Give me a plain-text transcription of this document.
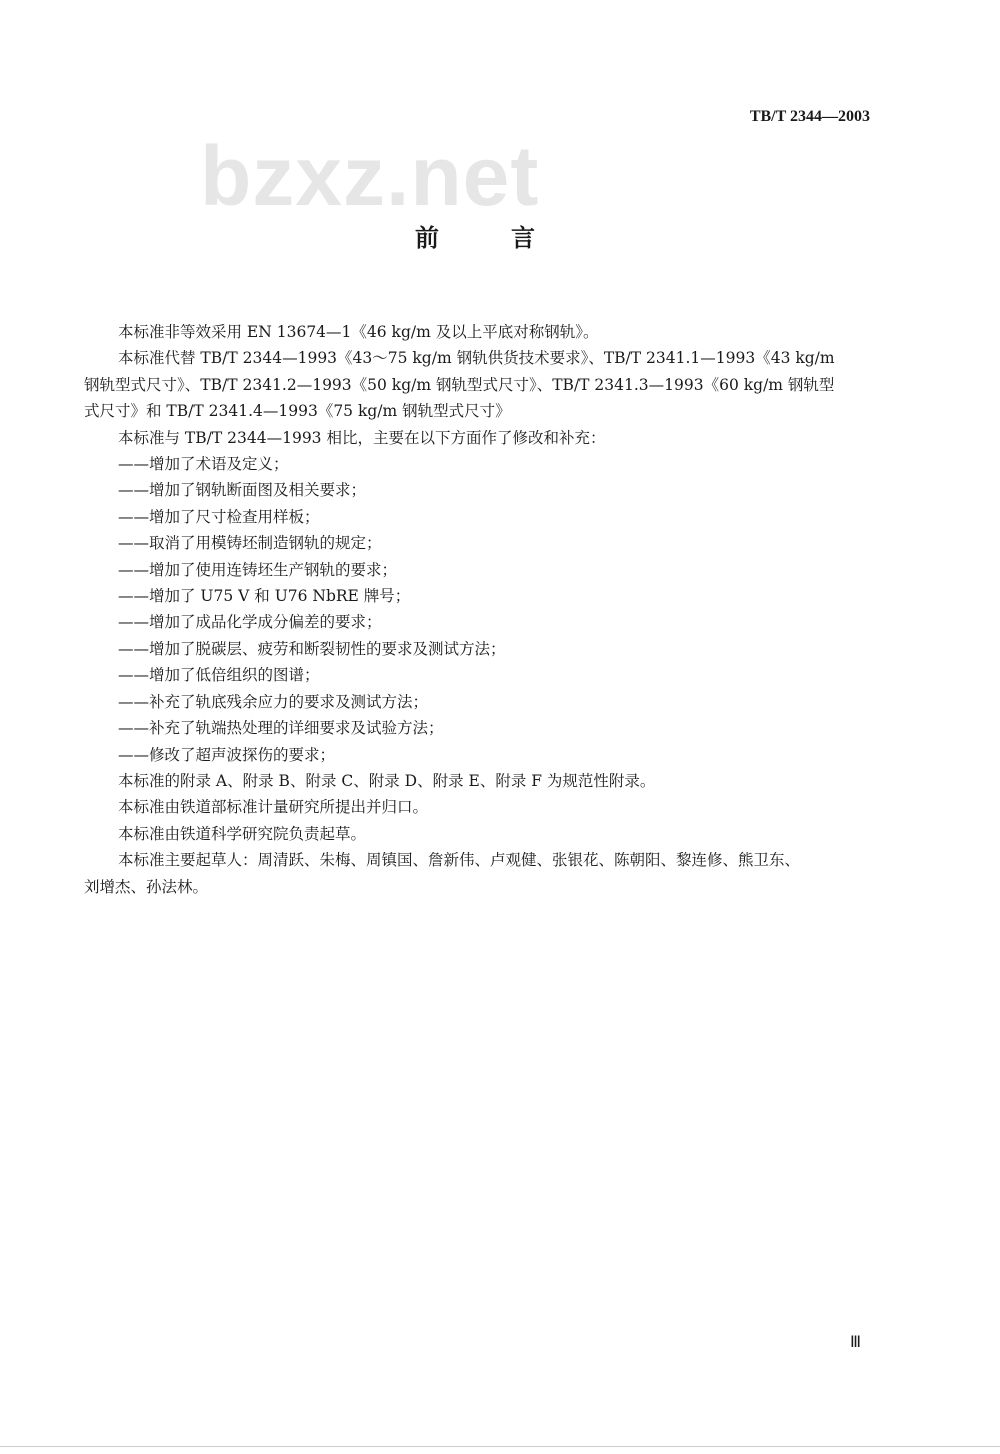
TB/T 2344—2003
bzxz.net
前　言
本标准非等效采用 EN 13674—1《46 kg/m 及以上平底对称钢轨》。
本标准代替 TB/T 2344—1993《43～75 kg/m 钢轨供货技术要求》、TB/T 2341.1—1993《43 kg/m
钢轨型式尺寸》、TB/T 2341.2—1993《50 kg/m 钢轨型式尺寸》、TB/T 2341.3—1993《60 kg/m 钢轨型
式尺寸》和 TB/T 2341.4—1993《75 kg/m 钢轨型式尺寸》
本标准与 TB/T 2344—1993 相比，主要在以下方面作了修改和补充：
——增加了术语及定义；
——增加了钢轨断面图及相关要求；
——增加了尺寸检查用样板；
——取消了用模铸坯制造钢轨的规定；
——增加了使用连铸坯生产钢轨的要求；
——增加了 U75 V 和 U76 NbRE 牌号；
——增加了成品化学成分偏差的要求；
——增加了脱碳层、疲劳和断裂韧性的要求及测试方法；
——增加了低倍组织的图谱；
——补充了轨底残余应力的要求及测试方法；
——补充了轨端热处理的详细要求及试验方法；
——修改了超声波探伤的要求；
本标准的附录 A、附录 B、附录 C、附录 D、附录 E、附录 F 为规范性附录。
本标准由铁道部标准计量研究所提出并归口。
本标准由铁道科学研究院负责起草。
本标准主要起草人：周清跃、朱梅、周镇国、詹新伟、卢观健、张银花、陈朝阳、黎连修、熊卫东、
刘增杰、孙法林。
Ⅲ
